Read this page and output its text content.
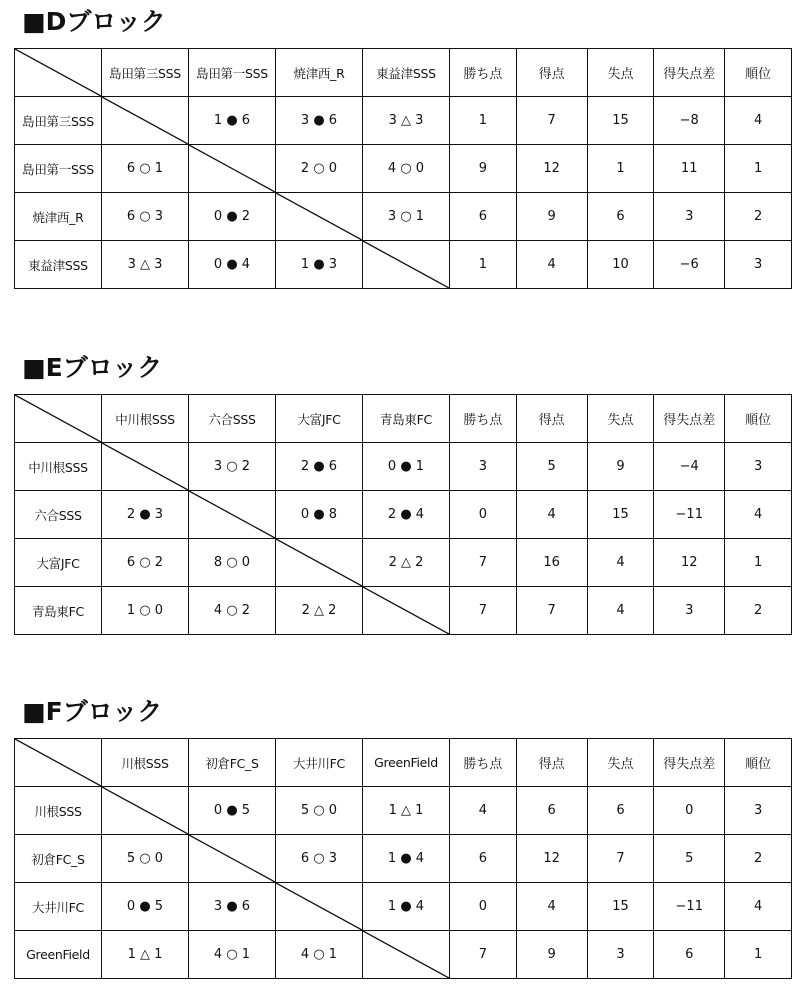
■Dブロック
	島田第三SSS	島田第一SSS	焼津西_R	東益津SSS	勝ち点	得点	失点	得失点差	順位
島田第三SSS		1 ● 6	3 ● 6	3 △ 3	1	7	15	−8	4
島田第一SSS	6 ○ 1		2 ○ 0	4 ○ 0	9	12	1	11	1
焼津西_R	6 ○ 3	0 ● 2		3 ○ 1	6	9	6	3	2
東益津SSS	3 △ 3	0 ● 4	1 ● 3		1	4	10	−6	3
■Eブロック
	中川根SSS	六合SSS	大富JFC	青島東FC	勝ち点	得点	失点	得失点差	順位
中川根SSS		3 ○ 2	2 ● 6	0 ● 1	3	5	9	−4	3
六合SSS	2 ● 3		0 ● 8	2 ● 4	0	4	15	−11	4
大富JFC	6 ○ 2	8 ○ 0		2 △ 2	7	16	4	12	1
青島東FC	1 ○ 0	4 ○ 2	2 △ 2		7	7	4	3	2
■Fブロック
	川根SSS	初倉FC_S	大井川FC	GreenField	勝ち点	得点	失点	得失点差	順位
川根SSS		0 ● 5	5 ○ 0	1 △ 1	4	6	6	0	3
初倉FC_S	5 ○ 0		6 ○ 3	1 ● 4	6	12	7	5	2
大井川FC	0 ● 5	3 ● 6		1 ● 4	0	4	15	−11	4
GreenField	1 △ 1	4 ○ 1	4 ○ 1		7	9	3	6	1
